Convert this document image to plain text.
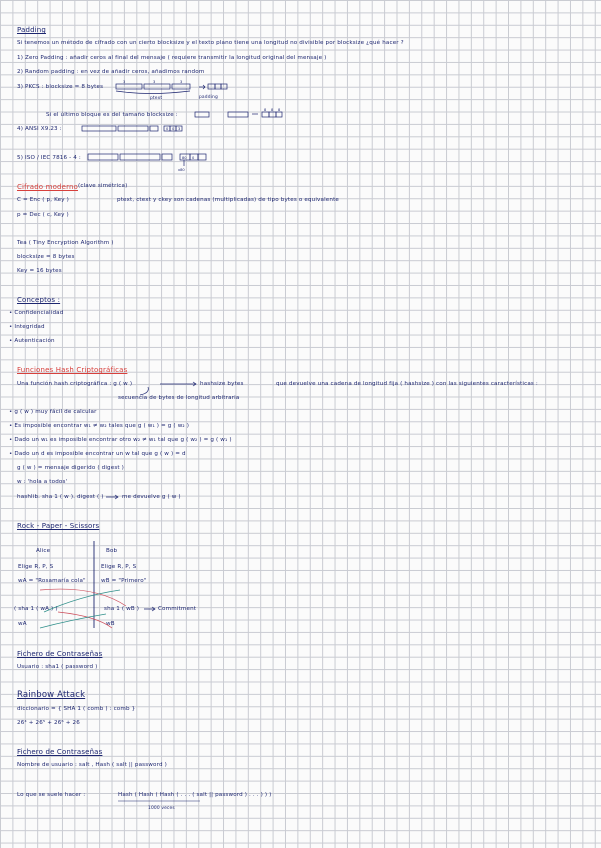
Padding
Si tenemos un método de cifrado con un cierto blocksize y el texto plano tiene una longitud no divisible por blocksize ¿qué hacer ?
1) Zero Padding : añadir ceros al final del mensaje ( requiere transmitir la longitud original del mensaje )
2) Random padding : en vez de añadir ceros, añadimos random
3) PKCS : blocksize = 8 bytes
Si el último bloque es del tamaño blocksize :
4) ANSI X9.23 :
5) ISO / IEC 7816 - 4 :
3	3	3
8 8 8
0 0 3
80 0
x80
ptext	padding
Cifrado moderno (clave simétrica)
C = Enc ( p, Key )	ptext, ctext y ckey son cadenas (multiplicadas) de tipo bytes o equivalente
p = Dec ( c, Key )
Tea ( Tiny Encryption Algorithm )
blocksize = 8 bytes
Key = 16 bytes
Conceptos :
• Confidencialidad
• Integridad
• Autenticación
Funciones Hash Criptográficas
Una función hash criptográfica : g ( w )	hashsize bytes	que devuelve una cadena de longitud fija ( hashsize ) con las siguientes características :
secuencia de bytes de longitud arbitraria
• g ( w ) muy fácil de calcular
• Es imposible encontrar w₁ ≠ w₂ tales que g ( w₁ ) = g ( w₂ )
• Dado un w₁ es imposible encontrar otro w₂ ≠ w₁ tal que g ( w₂ ) = g ( w₁ )
• Dado un d es imposible encontrar un w tal que g ( w ) = d
g ( w ) = mensaje digerido ( digest )
w : 'hola a todos'
hashlib. sha 1 ( w ). digest ( )	me devuelve g ( w )
Rock - Paper - Scissors
Alice	Bob
Elige R, P, S
wA = "Rosamaría cola"
Elige R, P, S
wB = "Primero"
( sha 1 ( wA ) )	sha 1 ( wB )	Commitment
wA	wB
Fichero de Contraseñas
Usuario : sha1 ( password )
Rainbow Attack
diccionario = { SHA 1 ( comb ) : comb }
26⁴ + 26⁵ + 26⁶ + 26
Fichero de Contraseñas
Nombre de usuario : salt , Hash ( salt || password )
Lo que se suele hacer :	Hash ( Hash ( Hash ( . . . ( salt || password ) . . . ) ) )
1000 veces
